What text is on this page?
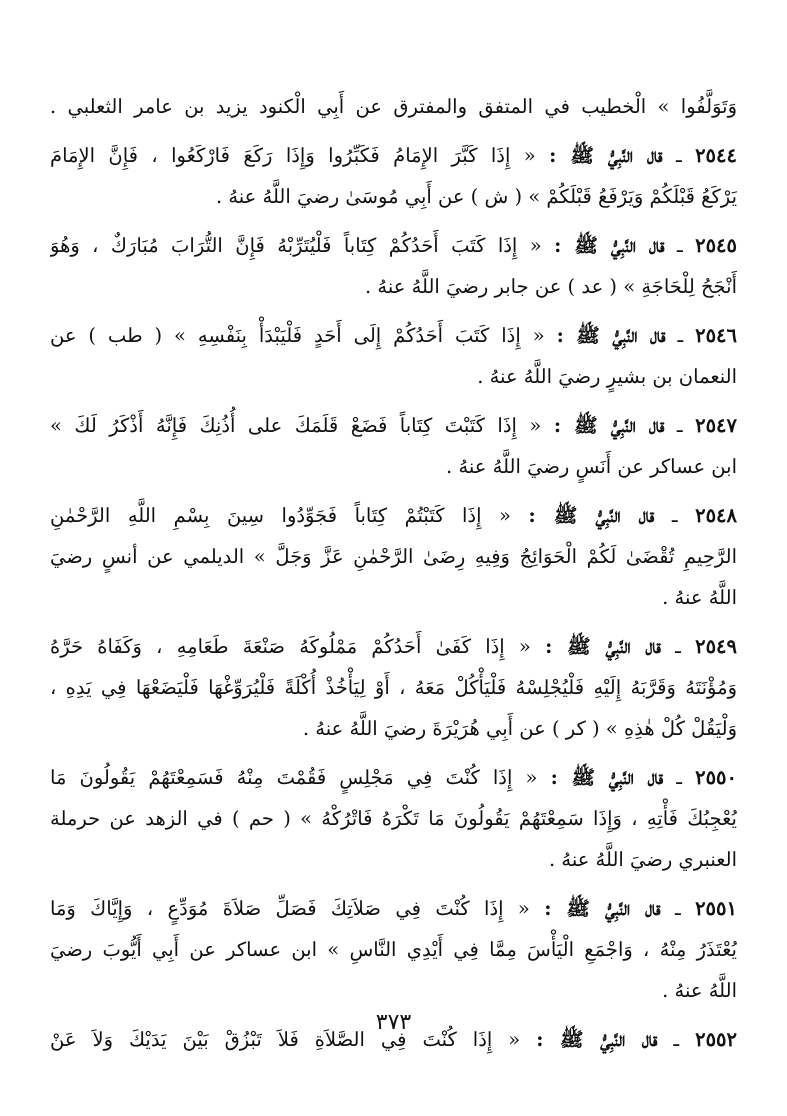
وَتَوَلَّفُوا » الْخطيب في المتفق والمفترق عن أَبِي الْكنود يزيد بن عامر الثعلبي .
٢٥٤٤ ـ قال النَّبِيُّ ﷺ : « إِذَا كَبَّرَ الإِمَامُ فَكَبِّرُوا وَإِذَا رَكَعَ فَارْكَعُوا ، فَإِنَّ الإِمَامَ
يَرْكَعُ قَبْلَكُمْ وَيَرْفَعُ قَبْلَكُمْ » ( ش ) عن أَبِي مُوسَىٰ رضيَ اللَّهُ عنهُ .
٢٥٤٥ ـ قال النَّبِيُّ ﷺ : « إِذَا كَتَبَ أَحَدُكُمْ كِتَاباً فَلْيُتَرِّبْهُ فَإِنَّ التُّرَابَ مُبَارَكٌ ، وَهُوَ
أَنْجَحُ لِلْحَاجَةِ » ( عد ) عن جابر رضيَ اللَّهُ عنهُ .
٢٥٤٦ ـ قال النَّبِيُّ ﷺ : « إِذَا كَتَبَ أَحَدُكُمْ إِلَى أَحَدٍ فَلْيَبْدَأْ بِنَفْسِهِ » ( طب ) عن
النعمان بن بشيرٍ رضيَ اللَّهُ عنهُ .
٢٥٤٧ ـ قال النَّبِيُّ ﷺ : « إِذَا كَتَبْتَ كِتَاباً فَضَعْ قَلَمَكَ على أُذُنِكَ فَإِنَّهُ أَذْكَرُ لَكَ »
ابن عساكر عن أَنَسٍ رضيَ اللَّهُ عنهُ .
٢٥٤٨ ـ قال النَّبِيُّ ﷺ : « إِذَا كَتَبْتُمْ كِتَاباً فَجَوِّدُوا سِينَ بِسْمِ اللَّهِ الرَّحْمٰنِ
الرَّحِيمِ تُقْضَىٰ لَكُمْ الْحَوَائِجُ وَفِيهِ رِضَىٰ الرَّحْمٰنِ عَزَّ وَجَلَّ » الديلمي عن أنسٍ رضيَ
اللَّهُ عنهُ .
٢٥٤٩ ـ قال النَّبِيُّ ﷺ : « إِذَا كَفَىٰ أَحَدُكُمْ مَمْلُوكَهُ صَنْعَةَ طَعَامِهِ ، وَكَفَاهُ حَرَّهُ
وَمُؤْنَتَهُ وَقَرَّبَهُ إِلَيْهِ فَلْيُجْلِسْهُ فَلْيَأْكُلْ مَعَهُ ، أَوْ لِيَأْخُذْ أُكْلَةً فَلْيُرَوِّغْهَا فَلْيَضَعْهَا فِي يَدِهِ ،
وَلْيَقُلْ كُلْ هٰذِهِ » ( كر ) عن أَبِي هُرَيْرَةَ رضيَ اللَّهُ عنهُ .
٢٥٥٠ ـ قال النَّبِيُّ ﷺ : « إِذَا كُنْتَ فِي مَجْلِسٍ فَقُمْتَ مِنْهُ فَسَمِعْتَهُمْ يَقُولُونَ مَا
يُعْجِبُكَ فَأْتِهِ ، وَإِذَا سَمِعْتَهُمْ يَقُولُونَ مَا تَكْرَهُ فَاتْرُكْهُ » ( حم ) في الزهد عن حرملة
العنبري رضيَ اللَّهُ عنهُ .
٢٥٥١ ـ قال النَّبِيُّ ﷺ : « إِذَا كُنْتَ فِي صَلاَتِكَ فَصَلِّ صَلاَةَ مُوَدِّعٍ ، وَإِيَّاكَ وَمَا
يُعْتَذَرُ مِنْهُ ، وَاجْمَعِ الْيَأْسَ مِمَّا فِي أَيْدِي النَّاسِ » ابن عساكر عن أَبِي أَيُّوبَ رضيَ
اللَّهُ عنهُ .
٢٥٥٢ ـ قال النَّبِيُّ ﷺ : « إِذَا كُنْتَ فِي الصَّلاَةِ فَلاَ تَبْزُقْ بَيْنَ يَدَيْكَ وَلاَ عَنْ
٣٧٣
